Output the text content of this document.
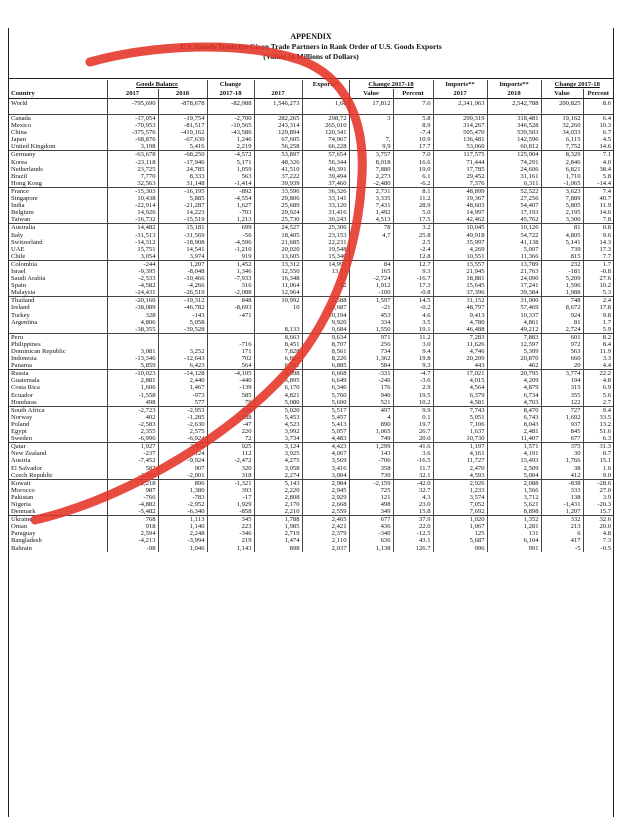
APPENDIX
U.S. Goods Trade for Given Trade Partners in Rank Order of U.S. Goods Exports
(Values in Millions of Dollars)
	Goods Balance		Change		Exports*	Change 2017-18		Imports**	Imports**	Change 2017-18	
Country	2017	2018	2017-18	2017		Value	Percent	2017	2018	Value	Percent
World	-795,690	-878,678	-82,988	1,546,273	1,66	17,812	7.6	2,341,963	2,542,788	200,825	8.6

Canada	-17,054	-19,754	-2,700	282,265	298,72	3	5.8	299,319	318,481	19,162	6.4
Mexico	-70,953	-81,517	-10,565	243,314	265,010		8.9	314,267	346,528	32,260	10.3
China	-375,576	-419,162	-43,586	129,894	120,341		-7.4	505,470	539,503	34,033	6.7
Japan	-68,876	-67,630	1,246	67,605	74,967	7,	10.9	136,481	142,596	6,115	4.5
United Kingdom	3,198	5,416	2,219	56,258	66,228	9,9	17.7	53,060	60,812	7,752	14.6
Germany	-63,678	-68,250	-4,572	53,897	57,654	3,757	7.0	117,575	125,904	8,329	7.1
Korea	-23,118	-17,946	5,171	48,326	56,344	8,018	16.6	71,444	74,291	2,846	4.0
Netherlands	23,725	24,785	1,059	41,510	49,391	7,880	19.0	17,785	24,606	6,821	38.4
Brazil	7,770	8,333	563	37,222	39,494	2,273	6.1	29,452	31,161	1,710	5.8
Hong Kong	32,563	31,148	-1,414	39,939	37,460	-2,480	-6.2	7,376	6,311	-1,065	-14.4
France	-15,303	-16,195	-892	33,596	36,326	2,731	8.1	48,899	52,522	3,623	7.4
Singapore	10,438	5,885	-4,554	29,806	33,141	3,335	11.2	19,367	27,256	7,889	40.7
India	-22,914	-21,287	1,627	25,689	33,120	7,431	28.9	48,603	54,407	5,805	11.9
Belgium	14,926	14,223	-703	29,924	31,416	1,492	5.0	14,997	17,193	2,195	14.6
Taiwan	-16,732	-15,519	1,213	25,730	30,243	4,513	17.5	42,462	45,762	3,300	7.8
Australia	14,482	15,181	699	24,527	25,306	78	3.2	10,045	10,126	81	0.8
Italy	-31,513	-31,569	-56	18,405	23,153	4,7	25.8	49,918	54,722	4,805	9.6
Switzerland	-14,312	-18,908	-4,596	21,685	22,231		2.5	35,997	41,138	5,141	14.3
UAE	15,751	14,541	-1,210	20,020	19,548		-2.4	4,269	5,007	739	17.3
Chile	3,054	3,974	919	13,605	15,340		12.8	10,551	11,366	815	7.7
Colombia	-244	1,207	1,452	13,312	14,996	84	12.7	13,557	13,789	232	1.7
Israel	-9,395	-8,048	1,346	12,550	13,71	165	9.3	21,945	21,763	-181	-0.8
Saudi Arabia	-2,533	-10,466	-7,933	16,348	13	-2,724	-16.7	18,881	24,090	5,209	27.6
Spain	-4,582	-4,266	316	11,064	12	1,912	17.3	15,645	17,241	1,596	10.2
Malaysia	-24,431	-26,519	-2,088	12,964		-100	-0.8	37,396	39,384	1,988	5.3
Thailand	-20,160	-19,312	848	10,992	2,588	1,597	14.5	31,152	31,900	748	2.4
Ireland	-38,089	-46,782	-8,693	10	10,687	-21	-0.2	48,797	57,469	8,672	17.8
Turkey	328	-143	-471		10,194	453	4.6	9,413	10,337	924	9.8
Argentina	4,806	5,058			9,920	334	3.5	4,780	4,861	81	1.7
	-38,355	-39,528		8,133	9,684	1,550	19.1	46,488	49,212	2,724	5.9
Peru				8,663	9,634	971	11.2	7,283	7,883	601	8.2
Philippines			-716	8,451	8,707	256	3.0	11,626	12,597	972	8.4
Dominican Republic	3,081	3,252	171	7,828	8,561	734	9.4	4,746	5,309	563	11.9
Indonesia	-13,346	-12,643	702	6,864	8,226	1,362	19.8	20,209	20,870	660	3.3
Panama	5,859	6,423	564	6,301	6,885	584	9.3	443	462	20	4.4
Russia	-10,023	-14,128	-4,105	6,998	6,668	-331	-4.7	17,021	20,795	3,774	22.2
Guatemala	2,881	2,440	-440	6,895	6,649	-246	-3.6	4,015	4,209	194	4.8
Costa Rica	1,606	1,467	-139	6,170	6,346	176	2.9	4,564	4,879	315	6.9
Ecuador	-1,558	-973	585	4,821	5,760	940	19.5	6,379	6,734	355	5.6
Honduras	498	577	79	5,080	5,600	521	10.2	4,581	4,703	122	2.7
South Africa	-2,723	-2,953	-230	5,020	5,517	497	9.9	7,743	8,470	727	9.4
Norway	402	-1,285	-1,688	5,453	5,457	4	0.1	5,051	6,743	1,692	33.5
Poland	-2,583	-2,630	-47	4,523	5,413	890	19.7	7,106	8,043	937	13.2
Egypt	2,355	2,575	220	3,992	5,057	1,065	26.7	1,637	2,481	845	51.6
Sweden	-6,996	-6,924	72	3,734	4,483	749	20.0	10,730	11,407	677	6.3
Qatar	1,927	2,852	925	3,124	4,423	1,299	41.6	1,197	1,571	375	31.3
New Zealand	-237	-124	112	3,925	4,067	143	3.6	4,161	4,191	30	0.7
Austria	-7,452	-9,924	-2,472	4,275	3,569	-706	-16.5	11,727	13,493	1,766	15.1
El Salvador	587	907	320	3,058	3,416	358	11.7	2,470	2,509	38	1.6
Czech Republic	-2,319	-2,001	318	2,274	3,004	730	32.1	4,593	5,004	412	9.0
Kuwait	2,218	896	-1,321	5,143	2,984	-2,159	-42.0	2,926	2,088	-838	-28.6
Morocco	987	1,380	393	2,220	2,945	725	32.7	1,233	1,566	333	27.0
Pakistan	-766	-783	-17	2,808	2,929	121	4.3	3,574	3,712	138	3.9
Nigeria	-4,882	-2,952	1,929	2,170	2,668	498	23.0	7,052	5,621	-1,431	-20.3
Denmark	-5,482	-6,340	-858	2,210	2,559	349	15.8	7,692	8,898	1,207	15.7
Ukraine	768	1,113	345	1,788	2,465	677	37.9	1,020	1,352	332	32.6
Oman	918	1,140	223	1,985	2,421	436	22.0	1,067	1,281	213	20.0
Paraguay	2,594	2,248	-346	2,719	2,379	-340	-12.5	125	131	6	4.8
Bangladesh	-4,213	-3,994	219	1,474	2,110	636	43.1	5,687	6,104	417	7.3
Bahrain	-98	1,046	1,143	898	2,037	1,138	126.7	996	991	-5	-0.5
